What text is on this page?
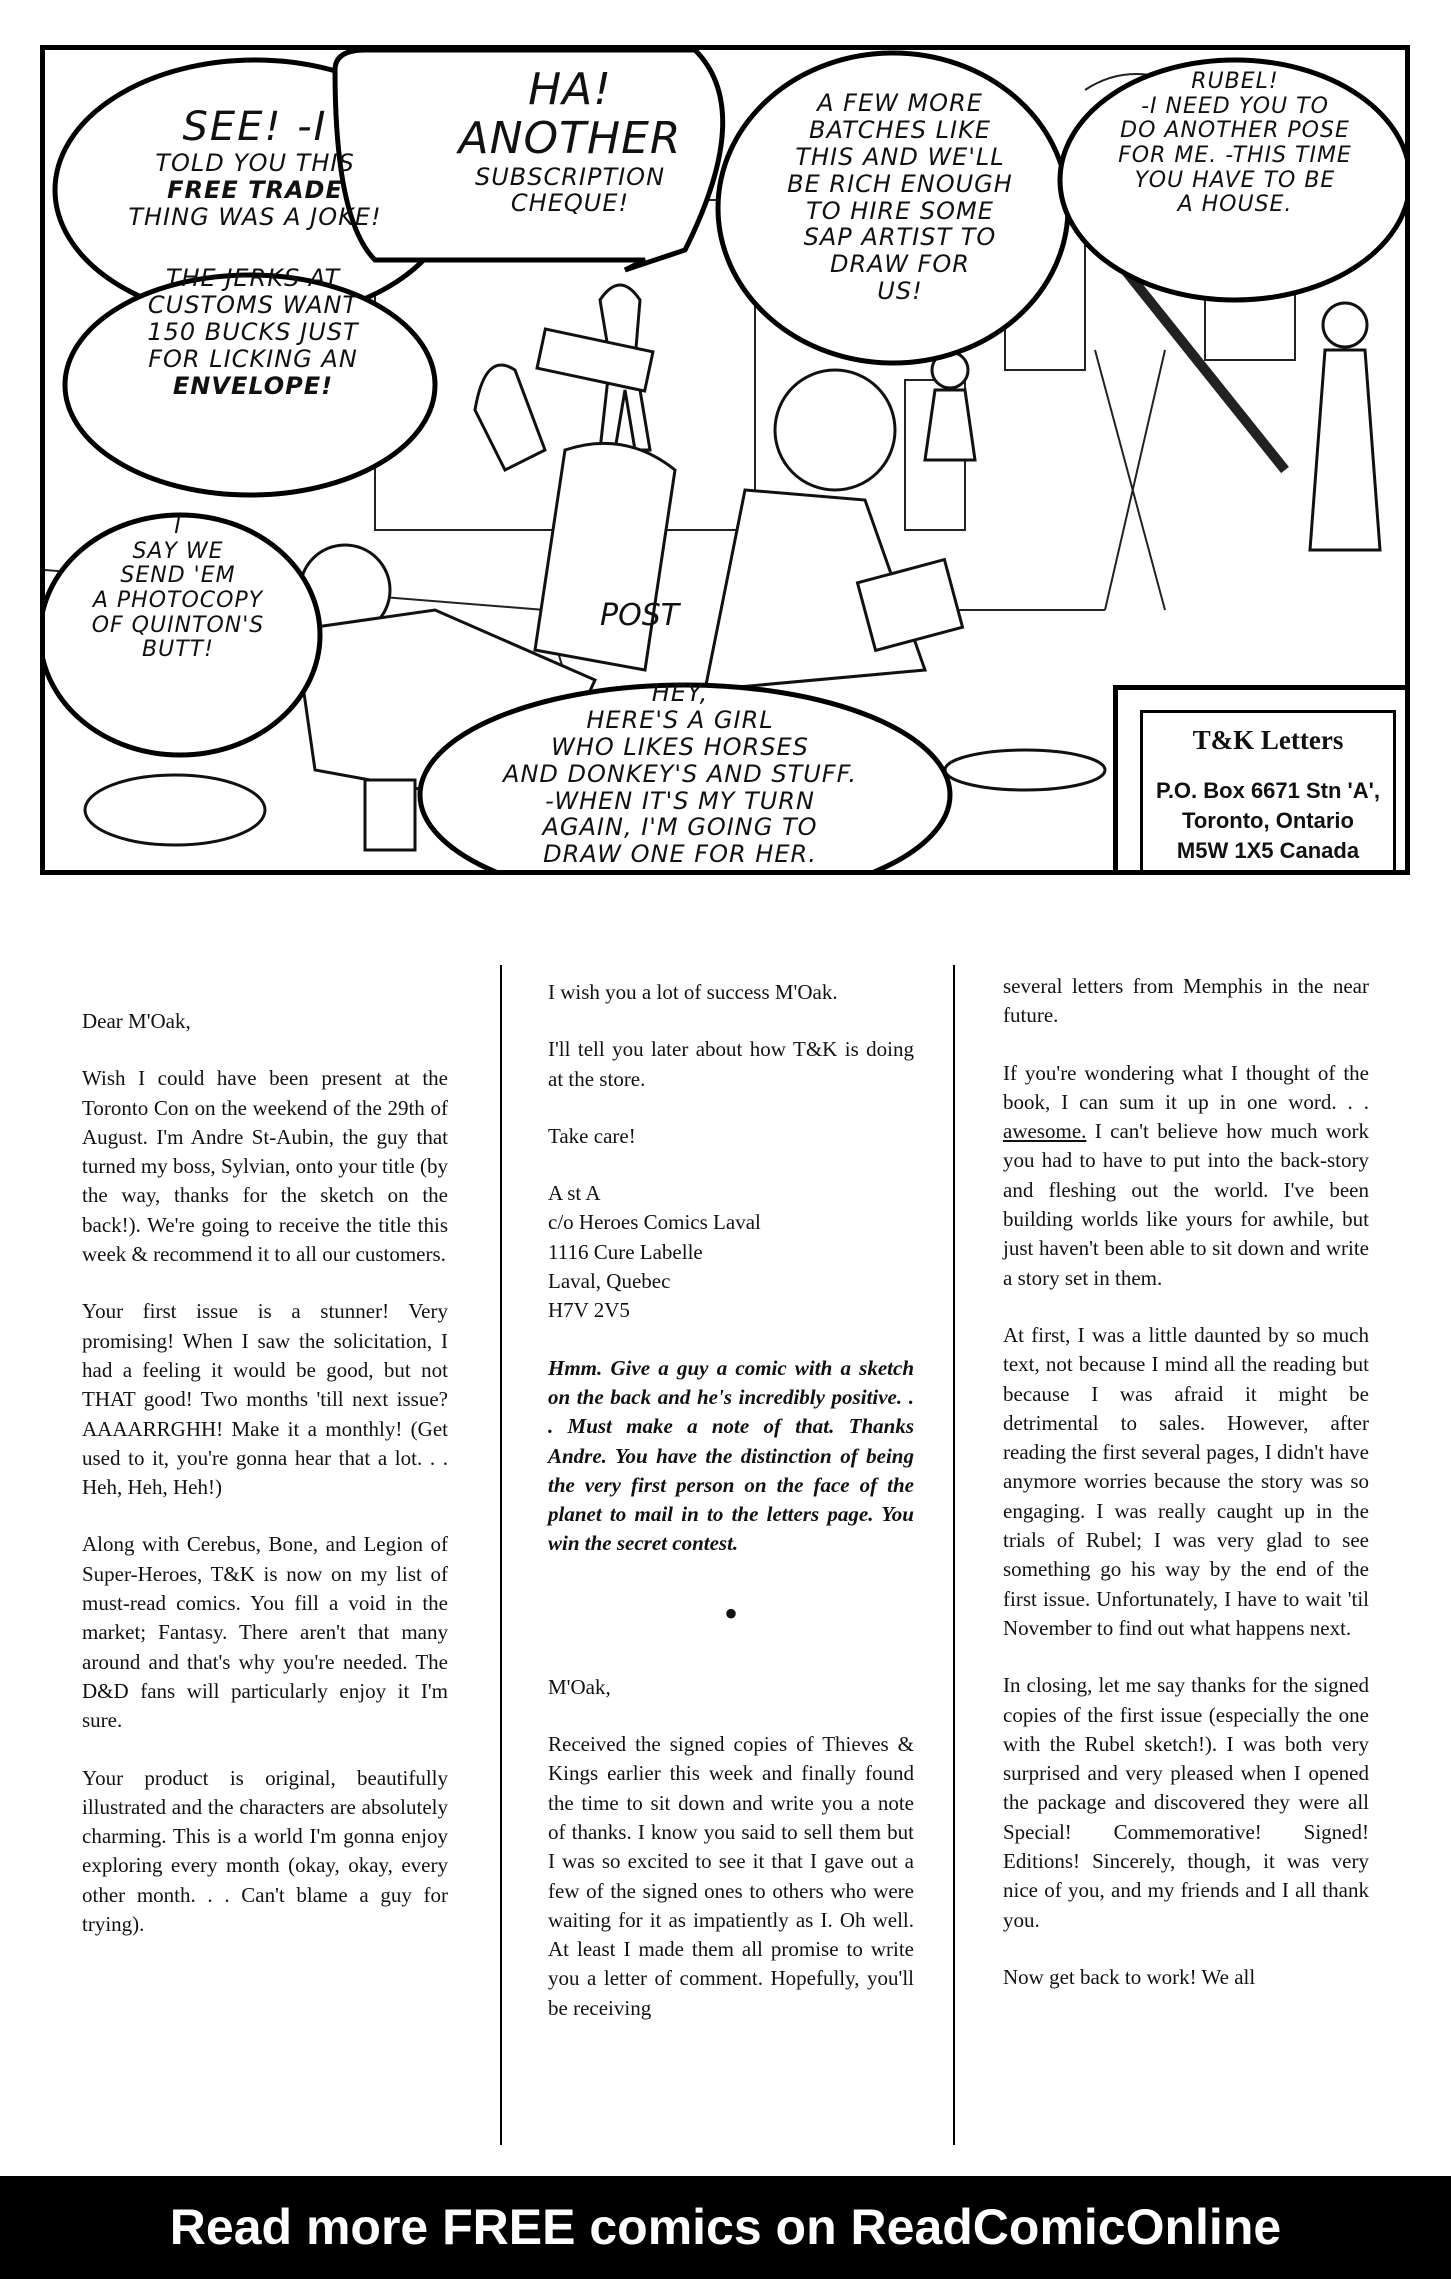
POST
SEE! -I
TOLD YOU THIS
FREE TRADE
THING WAS A JOKE!
THE JERKS AT
CUSTOMS WANT
150 BUCKS JUST
FOR LICKING AN
ENVELOPE!
HA! ANOTHER
SUBSCRIPTION
CHEQUE!
A FEW MORE
BATCHES LIKE
THIS AND WE'LL
BE RICH ENOUGH
TO HIRE SOME
SAP ARTIST TO
DRAW FOR
US!
RUBEL!
-I NEED YOU TO
DO ANOTHER POSE
FOR ME. -THIS TIME
YOU HAVE TO BE
A HOUSE.
I
SAY WE
SEND 'EM
A PHOTOCOPY
OF QUINTON'S
BUTT!
HEY,
HERE'S A GIRL
WHO LIKES HORSES
AND DONKEY'S AND STUFF.
-WHEN IT'S MY TURN
AGAIN, I'M GOING TO
DRAW ONE FOR HER.
T&K Letters
P.O. Box 6671 Stn 'A',
Toronto, Ontario
M5W 1X5 Canada

Dear M'Oak,

Wish I could have been present at the Toronto Con on the weekend of the 29th of August. I'm Andre St-Aubin, the guy that turned my boss, Sylvian, onto your title (by the way, thanks for the sketch on the back!). We're going to receive the title this week & recommend it to all our customers.

Your first issue is a stunner! Very promising! When I saw the solicitation, I had a feeling it would be good, but not THAT good! Two months 'till next issue? AAAARRGHH! Make it a monthly! (Get used to it, you're gonna hear that a lot. . . Heh, Heh, Heh!)

Along with Cerebus, Bone, and Legion of Super-Heroes, T&K is now on my list of must-read comics. You fill a void in the market; Fantasy. There aren't that many around and that's why you're needed. The D&D fans will particularly enjoy it I'm sure.

Your product is original, beautifully illustrated and the characters are absolutely charming. This is a world I'm gonna enjoy exploring every month (okay, okay, every other month. . . Can't blame a guy for trying).

I wish you a lot of success M'Oak.

I'll tell you later about how T&K is doing at the store.

Take care!

A st A

c/o Heroes Comics Laval

1116 Cure Labelle

Laval, Quebec

H7V 2V5

Hmm. Give a guy a comic with a sketch on the back and he's incredibly positive. . . Must make a note of that. Thanks Andre. You have the distinction of being the very first person on the face of the planet to mail in to the letters page. You win the secret contest.

•

M'Oak,

Received the signed copies of Thieves & Kings earlier this week and finally found the time to sit down and write you a note of thanks. I know you said to sell them but I was so excited to see it that I gave out a few of the signed ones to others who were waiting for it as impatiently as I. Oh well. At least I made them all promise to write you a letter of comment. Hopefully, you'll be receiving

several letters from Memphis in the near future.

If you're wondering what I thought of the book, I can sum it up in one word. . . awesome. I can't believe how much work you had to have to put into the back-story and fleshing out the world. I've been building worlds like yours for awhile, but just haven't been able to sit down and write a story set in them.

At first, I was a little daunted by so much text, not because I mind all the reading but because I was afraid it might be detrimental to sales. However, after reading the first several pages, I didn't have anymore worries because the story was so engaging. I was really caught up in the trials of Rubel; I was very glad to see something go his way by the end of the first issue. Unfortunately, I have to wait 'til November to find out what happens next.

In closing, let me say thanks for the signed copies of the first issue (especially the one with the Rubel sketch!). I was both very surprised and very pleased when I opened the package and discovered they were all Special! Commemorative! Signed! Editions! Sincerely, though, it was very nice of you, and my friends and I all thank you.

Now get back to work! We all

Read more FREE comics on ReadComicOnline
